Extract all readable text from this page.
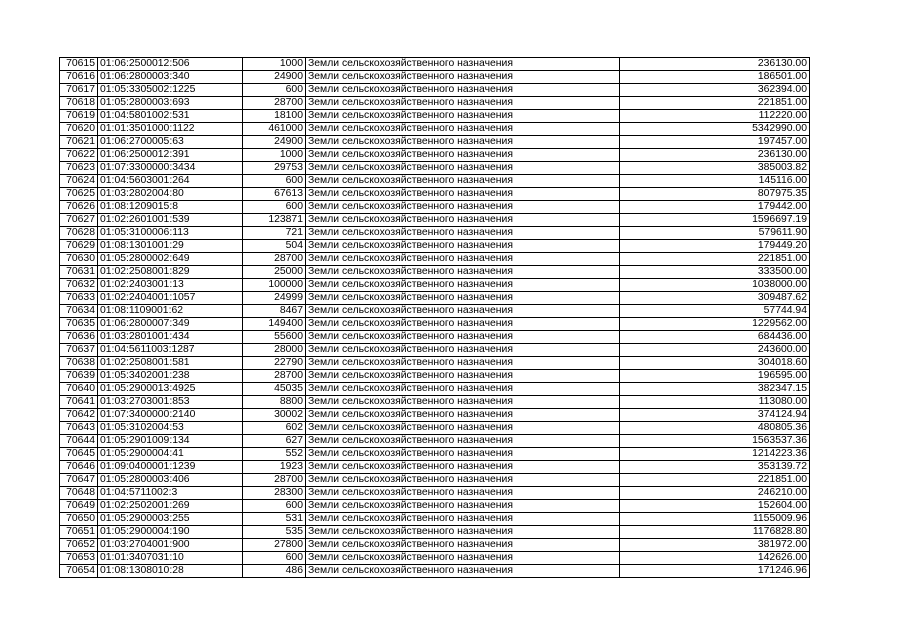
70615	01:06:2500012:506	1000	Земли сельскохозяйственного назначения	236130.00
70616	01:06:2800003:340	24900	Земли сельскохозяйственного назначения	186501.00
70617	01:05:3305002:1225	600	Земли сельскохозяйственного назначения	362394.00
70618	01:05:2800003:693	28700	Земли сельскохозяйственного назначения	221851.00
70619	01:04:5801002:531	18100	Земли сельскохозяйственного назначения	112220.00
70620	01:01:3501000:1122	461000	Земли сельскохозяйственного назначения	5342990.00
70621	01:06:2700005:63	24900	Земли сельскохозяйственного назначения	197457.00
70622	01:06:2500012:391	1000	Земли сельскохозяйственного назначения	236130.00
70623	01:07:3300000:3434	29753	Земли сельскохозяйственного назначения	385003.82
70624	01:04:5603001:264	600	Земли сельскохозяйственного назначения	145116.00
70625	01:03:2802004:80	67613	Земли сельскохозяйственного назначения	807975.35
70626	01:08:1209015:8	600	Земли сельскохозяйственного назначения	179442.00
70627	01:02:2601001:539	123871	Земли сельскохозяйственного назначения	1596697.19
70628	01:05:3100006:113	721	Земли сельскохозяйственного назначения	579611.90
70629	01:08:1301001:29	504	Земли сельскохозяйственного назначения	179449.20
70630	01:05:2800002:649	28700	Земли сельскохозяйственного назначения	221851.00
70631	01:02:2508001:829	25000	Земли сельскохозяйственного назначения	333500.00
70632	01:02:2403001:13	100000	Земли сельскохозяйственного назначения	1038000.00
70633	01:02:2404001:1057	24999	Земли сельскохозяйственного назначения	309487.62
70634	01:08:1109001:62	8467	Земли сельскохозяйственного назначения	57744.94
70635	01:06:2800007:349	149400	Земли сельскохозяйственного назначения	1229562.00
70636	01:03:2801001:434	55600	Земли сельскохозяйственного назначения	684436.00
70637	01:04:5611003:1287	28000	Земли сельскохозяйственного назначения	243600.00
70638	01:02:2508001:581	22790	Земли сельскохозяйственного назначения	304018.60
70639	01:05:3402001:238	28700	Земли сельскохозяйственного назначения	196595.00
70640	01:05:2900013:4925	45035	Земли сельскохозяйственного назначения	382347.15
70641	01:03:2703001:853	8800	Земли сельскохозяйственного назначения	113080.00
70642	01:07:3400000:2140	30002	Земли сельскохозяйственного назначения	374124.94
70643	01:05:3102004:53	602	Земли сельскохозяйственного назначения	480805.36
70644	01:05:2901009:134	627	Земли сельскохозяйственного назначения	1563537.36
70645	01:05:2900004:41	552	Земли сельскохозяйственного назначения	1214223.36
70646	01:09:0400001:1239	1923	Земли сельскохозяйственного назначения	353139.72
70647	01:05:2800003:406	28700	Земли сельскохозяйственного назначения	221851.00
70648	01:04:5711002:3	28300	Земли сельскохозяйственного назначения	246210.00
70649	01:02:2502001:269	600	Земли сельскохозяйственного назначения	152604.00
70650	01:05:2900003:255	531	Земли сельскохозяйственного назначения	1155009.96
70651	01:05:2900004:190	535	Земли сельскохозяйственного назначения	1176828.80
70652	01:03:2704001:900	27800	Земли сельскохозяйственного назначения	381972.00
70653	01:01:3407031:10	600	Земли сельскохозяйственного назначения	142626.00
70654	01:08:1308010:28	486	Земли сельскохозяйственного назначения	171246.96
